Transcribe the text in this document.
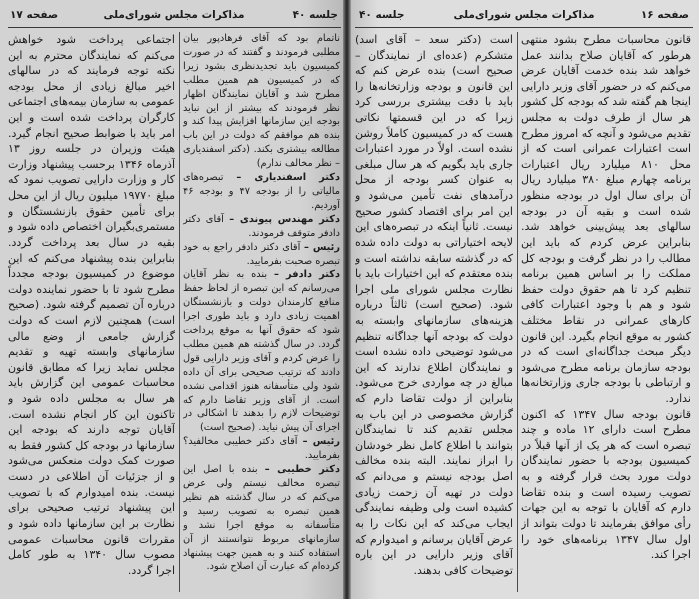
جلسه ۴۰
مذاکرات مجلس شورای‌ملی
صفحه ۱۷

ناتمام بود که آقای فرهادپور بیان مطلبی فرمودند و گفتند که در صورت کمیسیون باید تجدیدنظری بشود زیرا که در کمیسیون هم همین مطلب مطرح شد و آقایان نمایندگان اظهار نظر فرمودند که بیشتر از این نباید بودجه این سازمانها افزایش پیدا کند و بنده هم موافقم که دولت در این باب مطالعه بیشتری بکند. (دکتر اسفندیاری – نظر مخالف ندارم)

دکتر اسفندیاری – تبصره‌های مالیاتی را از بودجه ۴۷ و بودجه ۴۶ آوردیم.

دکتر مهندس پیوندی – آقای دکتر دادفر متوقف فرمودند.

رئیس – آقای دکتر دادفر راجع به خود تبصره صحبت بفرمایید.

دکتر دادفر – بنده به نظر آقایان می‌رسانم که این تبصره از لحاظ حفظ منافع کارمندان دولت و بازنشستگان اهمیت زیادی دارد و باید طوری اجرا شود که حقوق آنها به موقع پرداخت گردد. در سال گذشته هم همین مطلب را عرض کردم و آقای وزیر دارایی قول دادند که ترتیب صحیحی برای آن داده شود ولی متأسفانه هنوز اقدامی نشده است. از آقای وزیر تقاضا دارم که توضیحات لازم را بدهند تا اشکالی در اجرای آن پیش نیاید. (صحیح است)

رئیس – آقای دکتر خطیبی مخالفید؟ بفرمایید.

دکتر خطیبی – بنده با اصل این تبصره مخالف نیستم ولی عرض می‌کنم که در سال گذشته هم نظیر همین تبصره به تصویب رسید و متأسفانه به موقع اجرا نشد و سازمانهای مربوط نتوانستند از آن استفاده کنند و به همین جهت پیشنهاد کرده‌ام که عبارت آن اصلاح شود.

اجتماعی پرداخت شود خواهش می‌کنم که نمایندگان محترم به این نکته توجه فرمایند که در سالهای اخیر مبالغ زیادی از محل بودجه عمومی به سازمان بیمه‌های اجتماعی کارگران پرداخت شده است و این امر باید با ضوابط صحیح انجام گیرد. هیئت وزیران در جلسه روز ۱۳ آذرماه ۱۳۴۶ برحسب پیشنهاد وزارت کار و وزارت دارایی تصویب نمود که مبلغ ۱۹۷۷۰ میلیون ریال از این محل برای تأمین حقوق بازنشستگان و مستمری‌بگیران اختصاص داده شود و بقیه در سال بعد پرداخت گردد. بنابراین بنده پیشنهاد می‌کنم که این موضوع در کمیسیون بودجه مجدداً مطرح شود تا با حضور نماینده دولت درباره آن تصمیم گرفته شود. (صحیح است) همچنین لازم است که دولت گزارش جامعی از وضع مالی سازمانهای وابسته تهیه و تقدیم مجلس نماید زیرا که مطابق قانون محاسبات عمومی این گزارش باید هر سال به مجلس داده شود و تاکنون این کار انجام نشده است. آقایان توجه دارند که بودجه این سازمانها در بودجه کل کشور فقط به صورت کمک دولت منعکس می‌شود و از جزئیات آن اطلاعی در دست نیست. بنده امیدوارم که با تصویب این پیشنهاد ترتیب صحیحی برای نظارت بر این سازمانها داده شود و مقررات قانون محاسبات عمومی مصوب سال ۱۳۴۰ به طور کامل اجرا گردد.

صفحه ۱۶
مذاکرات مجلس شورای‌ملی
جلسه ۴۰

قانون محاسبات مطرح بشود منتهی هرطور که آقایان صلاح بدانند عمل خواهد شد بنده خدمت آقایان عرض می‌کنم که در حضور آقای وزیر دارایی اینجا هم گفته شد که بودجه کل کشور هر سال از طرف دولت به مجلس تقدیم می‌شود و آنچه که امروز مطرح است اعتبارات عمرانی است که از محل ۸۱۰ میلیارد ریال اعتبارات برنامه چهارم مبلغ ۳۸۰ میلیارد ریال آن برای سال اول در بودجه منظور شده است و بقیه آن در بودجه سالهای بعد پیش‌بینی خواهد شد. بنابراین عرض کردم که باید این مطالب را در نظر گرفت و بودجه کل مملکت را بر اساس همین برنامه تنظیم کرد تا هم حقوق دولت حفظ شود و هم با وجود اعتبارات کافی کارهای عمرانی در نقاط مختلف کشور به موقع انجام بگیرد. این قانون دیگر مبحث جداگانه‌ای است که در بودجه سازمان برنامه مطرح می‌شود و ارتباطی با بودجه جاری وزارتخانه‌ها ندارد.

قانون بودجه سال ۱۳۴۷ که اکنون مطرح است دارای ۱۲ ماده و چند تبصره است که هر یک از آنها قبلاً در کمیسیون بودجه با حضور نمایندگان دولت مورد بحث قرار گرفته و به تصویب رسیده است و بنده تقاضا دارم که آقایان با توجه به این جهات رأی موافق بفرمایند تا دولت بتواند از اول سال ۱۳۴۷ برنامه‌های خود را اجرا کند.

است (دکتر سعد – آقای اسد) متشکرم (عده‌ای از نمایندگان – صحیح است) بنده عرض کنم که این قانون و بودجه وزارتخانه‌ها را باید با دقت بیشتری بررسی کرد زیرا که در این قسمتها نکاتی هست که در کمیسیون کاملاً روشن نشده است. اولاً در مورد اعتبارات جاری باید بگویم که هر سال مبلغی به عنوان کسر بودجه از محل درآمدهای نفت تأمین می‌شود و این امر برای اقتصاد کشور صحیح نیست. ثانیاً اینکه در تبصره‌های این لایحه اختیاراتی به دولت داده شده که در گذشته سابقه نداشته است و بنده معتقدم که این اختیارات باید با نظارت مجلس شورای ملی اجرا شود. (صحیح است) ثالثاً درباره هزینه‌های سازمانهای وابسته به دولت که بودجه آنها جداگانه تنظیم می‌شود توضیحی داده نشده است و نمایندگان اطلاع ندارند که این مبالغ در چه مواردی خرج می‌شود. بنابراین از دولت تقاضا دارم که گزارش مخصوصی در این باب به مجلس تقدیم کند تا نمایندگان بتوانند با اطلاع کامل نظر خودشان را ابراز نمایند. البته بنده مخالف اصل بودجه نیستم و می‌دانم که دولت در تهیه آن زحمت زیادی کشیده است ولی وظیفه نمایندگی ایجاب می‌کند که این نکات را به عرض آقایان برسانم و امیدوارم که آقای وزیر دارایی در این باره توضیحات کافی بدهند.
